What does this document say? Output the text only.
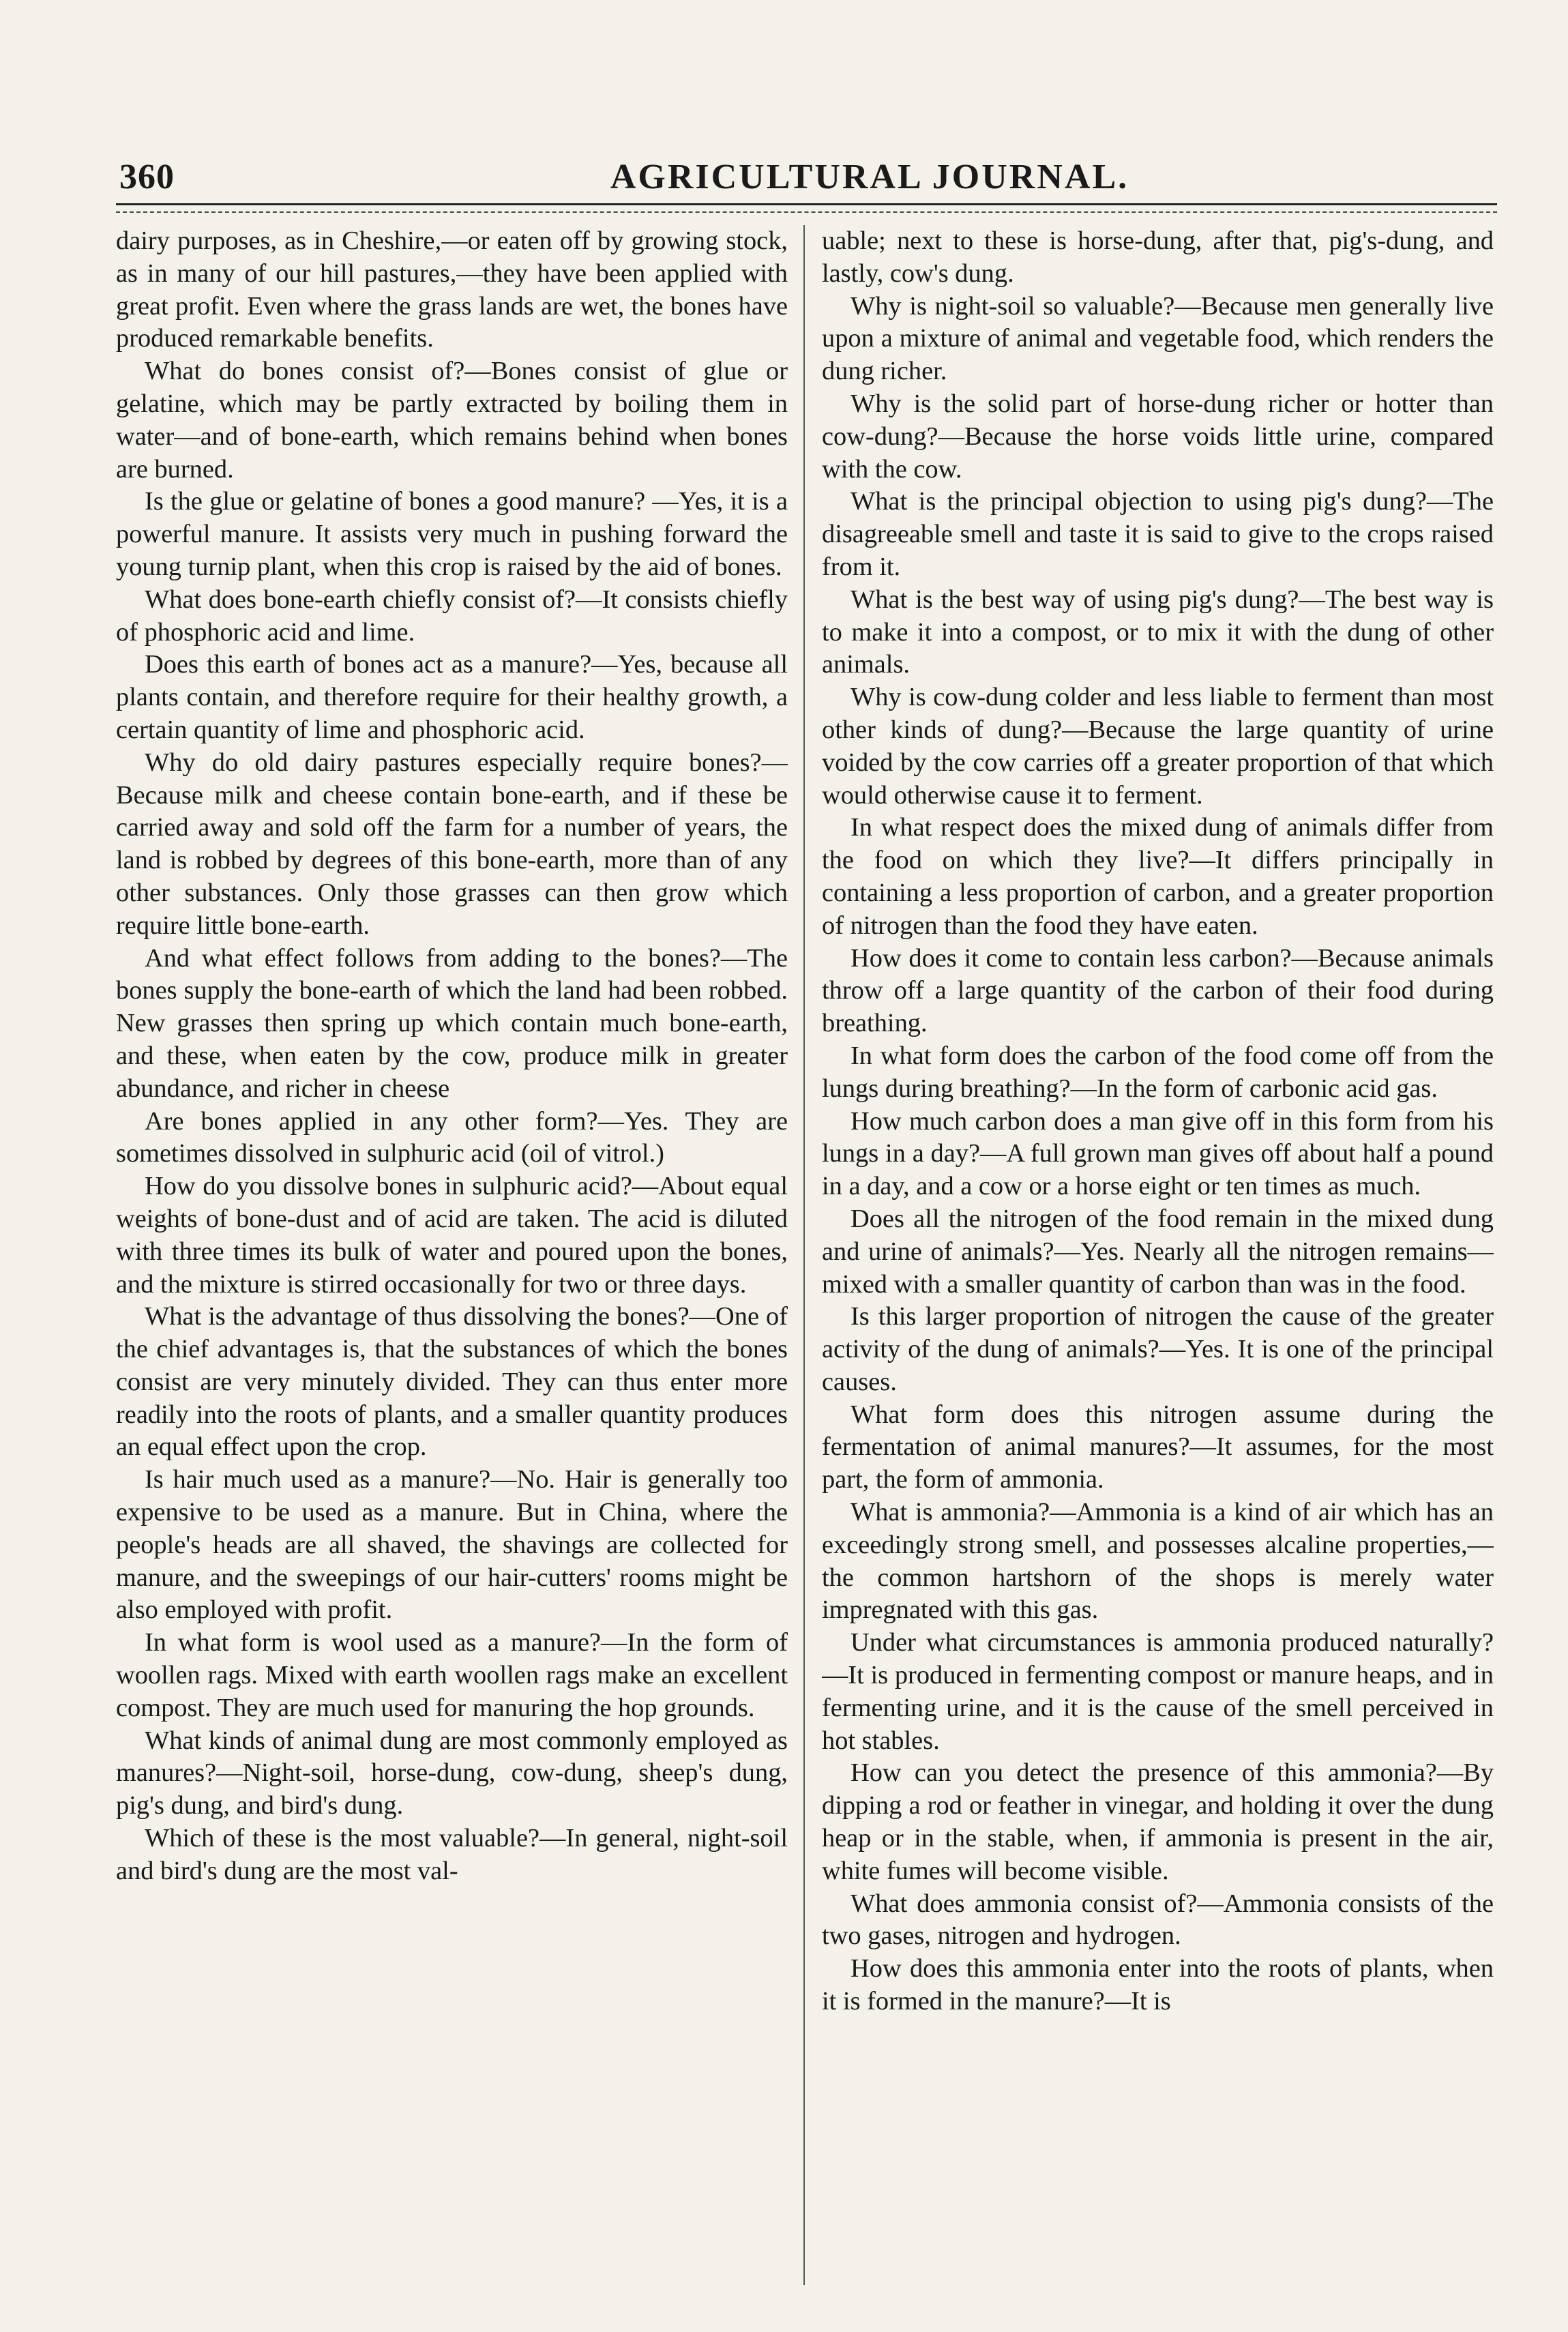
360	AGRICULTURAL JOURNAL.

dairy purposes, as in Cheshire,—or eaten off by growing stock, as in many of our hill pastures,—they have been applied with great profit. Even where the grass lands are wet, the bones have produced remarkable benefits.

What do bones consist of?—Bones consist of glue or gelatine, which may be partly extracted by boiling them in water—and of bone-earth, which remains behind when bones are burned.

Is the glue or gelatine of bones a good manure? —Yes, it is a powerful manure. It assists very much in pushing forward the young turnip plant, when this crop is raised by the aid of bones.

What does bone-earth chiefly consist of?—It consists chiefly of phosphoric acid and lime.

Does this earth of bones act as a manure?—Yes, because all plants contain, and therefore require for their healthy growth, a certain quantity of lime and phosphoric acid.

Why do old dairy pastures especially require bones?—Because milk and cheese contain bone-earth, and if these be carried away and sold off the farm for a number of years, the land is robbed by degrees of this bone-earth, more than of any other substances. Only those grasses can then grow which require little bone-earth.

And what effect follows from adding to the bones?—The bones supply the bone-earth of which the land had been robbed. New grasses then spring up which contain much bone-earth, and these, when eaten by the cow, produce milk in greater abundance, and richer in cheese

Are bones applied in any other form?—Yes. They are sometimes dissolved in sulphuric acid (oil of vitrol.)

How do you dissolve bones in sulphuric acid?—About equal weights of bone-dust and of acid are taken. The acid is diluted with three times its bulk of water and poured upon the bones, and the mixture is stirred occasionally for two or three days.

What is the advantage of thus dissolving the bones?—One of the chief advantages is, that the substances of which the bones consist are very minutely divided. They can thus enter more readily into the roots of plants, and a smaller quantity produces an equal effect upon the crop.

Is hair much used as a manure?—No. Hair is generally too expensive to be used as a manure. But in China, where the people's heads are all shaved, the shavings are collected for manure, and the sweepings of our hair-cutters' rooms might be also employed with profit.

In what form is wool used as a manure?—In the form of woollen rags. Mixed with earth woollen rags make an excellent compost. They are much used for manuring the hop grounds.

What kinds of animal dung are most commonly employed as manures?—Night-soil, horse-dung, cow-dung, sheep's dung, pig's dung, and bird's dung.

Which of these is the most valuable?—In general, night-soil and bird's dung are the most val-

uable; next to these is horse-dung, after that, pig's-dung, and lastly, cow's dung.

Why is night-soil so valuable?—Because men generally live upon a mixture of animal and vegetable food, which renders the dung richer.

Why is the solid part of horse-dung richer or hotter than cow-dung?—Because the horse voids little urine, compared with the cow.

What is the principal objection to using pig's dung?—The disagreeable smell and taste it is said to give to the crops raised from it.

What is the best way of using pig's dung?—The best way is to make it into a compost, or to mix it with the dung of other animals.

Why is cow-dung colder and less liable to ferment than most other kinds of dung?—Because the large quantity of urine voided by the cow carries off a greater proportion of that which would otherwise cause it to ferment.

In what respect does the mixed dung of animals differ from the food on which they live?—It differs principally in containing a less proportion of carbon, and a greater proportion of nitrogen than the food they have eaten.

How does it come to contain less carbon?—Because animals throw off a large quantity of the carbon of their food during breathing.

In what form does the carbon of the food come off from the lungs during breathing?—In the form of carbonic acid gas.

How much carbon does a man give off in this form from his lungs in a day?—A full grown man gives off about half a pound in a day, and a cow or a horse eight or ten times as much.

Does all the nitrogen of the food remain in the mixed dung and urine of animals?—Yes. Nearly all the nitrogen remains—mixed with a smaller quantity of carbon than was in the food.

Is this larger proportion of nitrogen the cause of the greater activity of the dung of animals?—Yes. It is one of the principal causes.

What form does this nitrogen assume during the fermentation of animal manures?—It assumes, for the most part, the form of ammonia.

What is ammonia?—Ammonia is a kind of air which has an exceedingly strong smell, and possesses alcaline properties,—the common hartshorn of the shops is merely water impregnated with this gas.

Under what circumstances is ammonia produced naturally?—It is produced in fermenting compost or manure heaps, and in fermenting urine, and it is the cause of the smell perceived in hot stables.

How can you detect the presence of this ammonia?—By dipping a rod or feather in vinegar, and holding it over the dung heap or in the stable, when, if ammonia is present in the air, white fumes will become visible.

What does ammonia consist of?—Ammonia consists of the two gases, nitrogen and hydrogen.

How does this ammonia enter into the roots of plants, when it is formed in the manure?—It is
